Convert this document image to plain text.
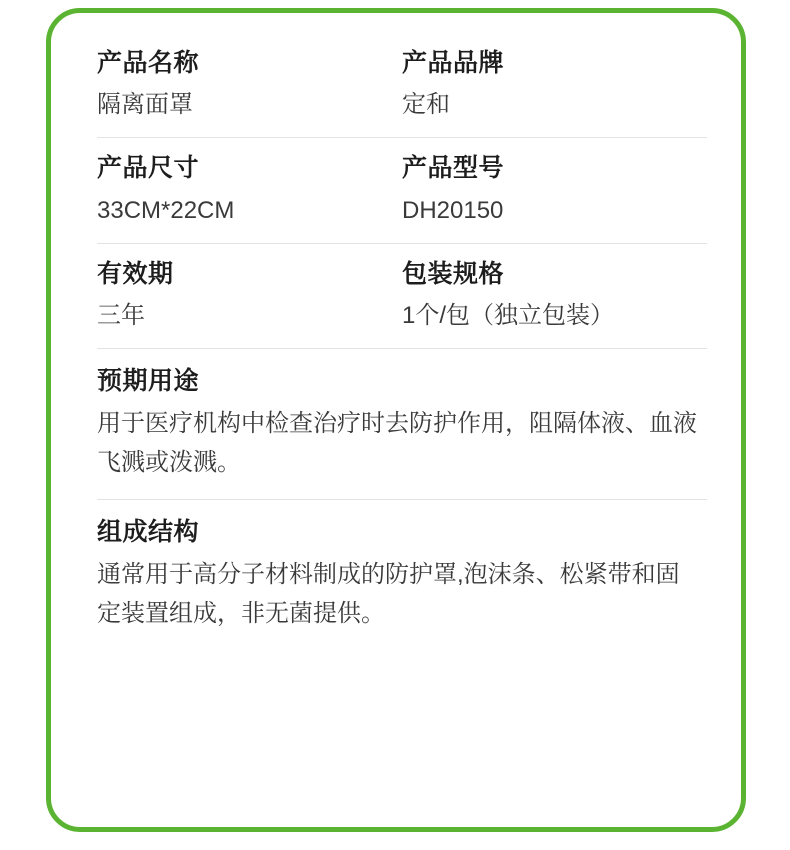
产品名称
隔离面罩
产品品牌
定和
产品尺寸
33CM*22CM
产品型号
DH20150
有效期
三年
包装规格
1个/包（独立包装）
预期用途
用于医疗机构中检查治疗时去防护作用，阻隔体液、血液飞溅或泼溅。
组成结构
通常用于高分子材料制成的防护罩,泡沫条、松紧带和固定装置组成，非无菌提供。
